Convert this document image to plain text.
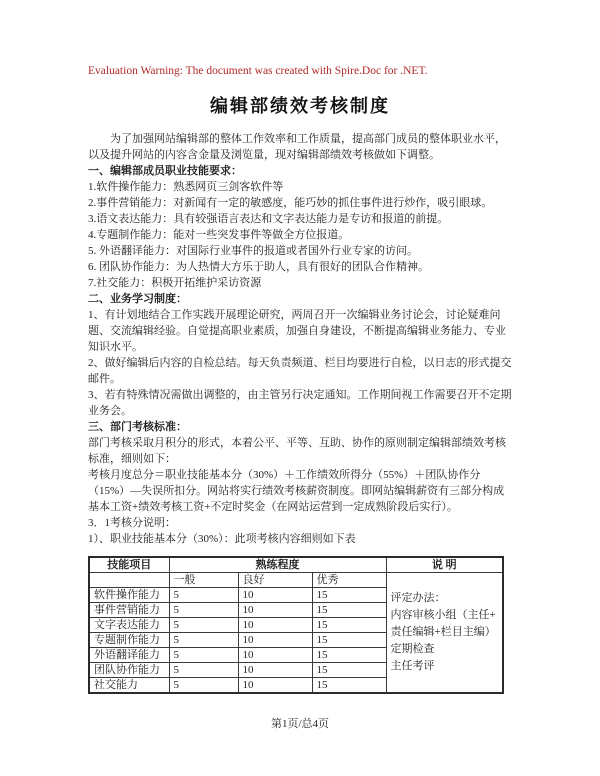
Evaluation Warning: The document was created with Spire.Doc for .NET.
编辑部绩效考核制度

为了加强网站编辑部的整体工作效率和工作质量，提高部门成员的整体职业水平，以及提升网站的内容含金量及浏览量，现对编辑部绩效考核做如下调整。

一、编辑部成员职业技能要求：

1.软件操作能力：熟悉网页三剑客软件等

2.事件营销能力：对新闻有一定的敏感度，能巧妙的抓住事件进行炒作，吸引眼球。

3.语文表达能力：具有较强语言表达和文字表达能力是专访和报道的前提。

4.专题制作能力：能对一些突发事件等做全方位报道。

5. 外语翻译能力：对国际行业事件的报道或者国外行业专家的访问。

6. 团队协作能力：为人热情大方乐于助人，具有很好的团队合作精神。

7.社交能力：积极开拓维护采访资源

二、业务学习制度：

1、有计划地结合工作实践开展理论研究，两周召开一次编辑业务讨论会，讨论疑难问题、交流编辑经验。自觉提高职业素质，加强自身建设，不断提高编辑业务能力、专业知识水平。

2、做好编辑后内容的自检总结。每天负责频道、栏目均要进行自检，以日志的形式提交邮件。

3、若有特殊情况需做出调整的，由主管另行决定通知。工作期间视工作需要召开不定期业务会。

三、部门考核标准：

部门考核采取月积分的形式，本着公平、平等、互助、协作的原则制定编辑部绩效考核标准，细则如下：

考核月度总分＝职业技能基本分（30%）＋工作绩效所得分（55%）＋团队协作分（15%）—失误所扣分。网站将实行绩效考核薪资制度。即网站编辑薪资有三部分构成 基本工资+绩效考核工资+不定时奖金（在网站运营到一定成熟阶段后实行）。

3．1考核分说明：

1）、职业技能基本分（30%）：此项考核内容细则如下表

技能项目	熟练程度			说 明
	一般	良好	优秀	评定办法：
内容审核小组（主任+
责任编辑+栏目主编）
定期检查
主任考评

软件操作能力	5	10	15	
事件营销能力	5	10	15	
文字表达能力	5	10	15	
专题制作能力	5	10	15	
外语翻译能力	5	10	15	
团队协作能力	5	10	15	
社交能力	5	10	15	
第1页/总4页
